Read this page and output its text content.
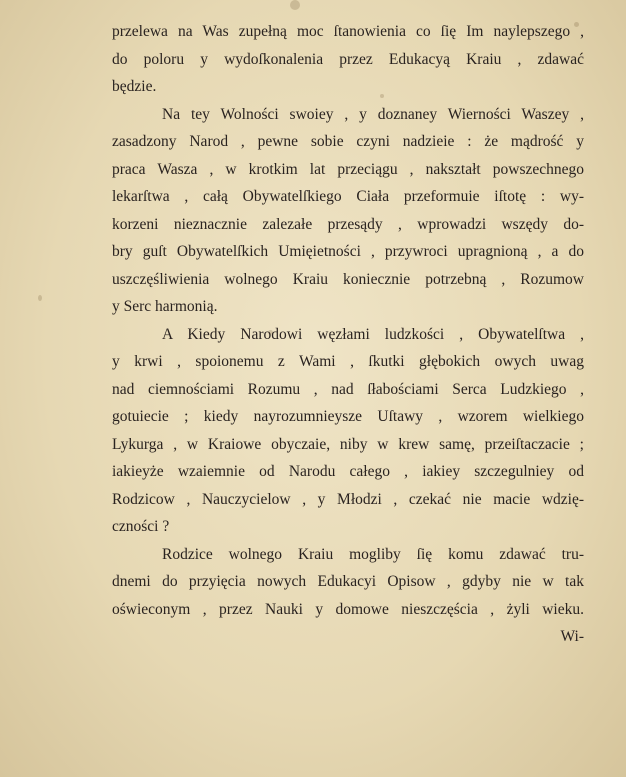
przelewa na Was zupełną moc ſtanowienia co ſię Im naylepszego ,
do poloru y wydoſkonalenia przez Edukacyą Kraiu , zdawać
będzie.
Na tey Wolności swoiey , y doznaney Wierności Waszey ,
zasadzony Narod , pewne sobie czyni nadzieie : że mądrość y
praca Wasza , w krotkim lat przeciągu , nakształt powszechnego
lekarſtwa , całą Obywatelſkiego Ciała przeformuie iſtotę : wy-
korzeni nieznacznie zalezałe przesądy , wprowadzi wszędy do-
bry guſt Obywatelſkich Umięietności , przywroci upragnioną , a do
uszczęśliwienia wolnego Kraiu koniecznie potrzebną , Rozumow
y Serc harmonią.
A Kiedy Narodowi węzłami ludzkości , Obywatelſtwa ,
y krwi , spoionemu z Wami , ſkutki głębokich owych uwag
nad ciemnościami Rozumu , nad ſłabościami Serca Ludzkiego ,
gotuiecie ; kiedy nayrozumnieysze Uſtawy , wzorem wielkiego
Lykurga , w Kraiowe obyczaie, niby w krew samę, przeiſtaczacie ;
iakieyże wzaiemnie od Narodu całego , iakiey szczegulniey od
Rodzicow , Nauczycielow , y Młodzi , czekać nie macie wdzię-
czności ?
Rodzice wolnego Kraiu mogliby ſię komu zdawać tru-
dnemi do przyięcia nowych Edukacyi Opisow , gdyby nie w tak
oświeconym , przez Nauki y domowe nieszczęścia , żyli wieku.
Wi-
